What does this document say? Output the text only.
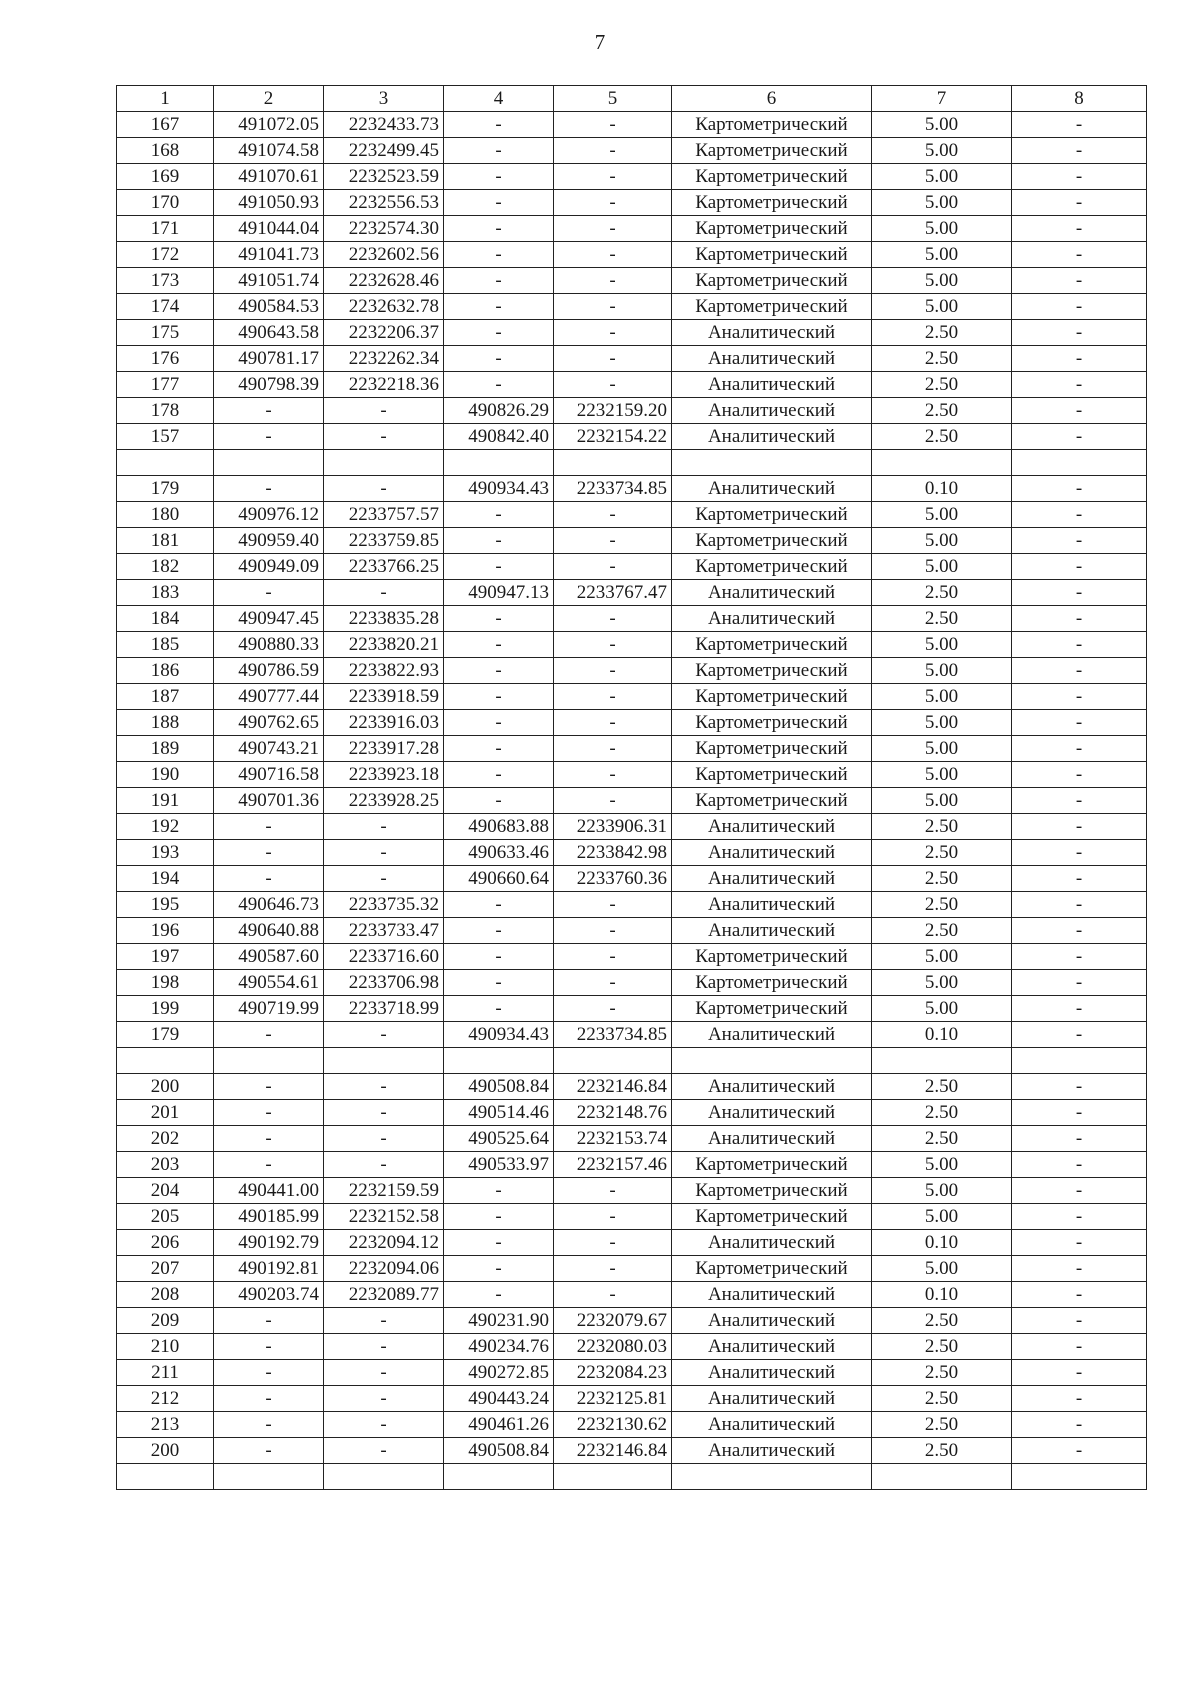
7
1	2	3	4	5	6	7	8
167	491072.05	2232433.73	-	-	Картометрический	5.00	-
168	491074.58	2232499.45	-	-	Картометрический	5.00	-
169	491070.61	2232523.59	-	-	Картометрический	5.00	-
170	491050.93	2232556.53	-	-	Картометрический	5.00	-
171	491044.04	2232574.30	-	-	Картометрический	5.00	-
172	491041.73	2232602.56	-	-	Картометрический	5.00	-
173	491051.74	2232628.46	-	-	Картометрический	5.00	-
174	490584.53	2232632.78	-	-	Картометрический	5.00	-
175	490643.58	2232206.37	-	-	Аналитический	2.50	-
176	490781.17	2232262.34	-	-	Аналитический	2.50	-
177	490798.39	2232218.36	-	-	Аналитический	2.50	-
178	-	-	490826.29	2232159.20	Аналитический	2.50	-
157	-	-	490842.40	2232154.22	Аналитический	2.50	-

179	-	-	490934.43	2233734.85	Аналитический	0.10	-
180	490976.12	2233757.57	-	-	Картометрический	5.00	-
181	490959.40	2233759.85	-	-	Картометрический	5.00	-
182	490949.09	2233766.25	-	-	Картометрический	5.00	-
183	-	-	490947.13	2233767.47	Аналитический	2.50	-
184	490947.45	2233835.28	-	-	Аналитический	2.50	-
185	490880.33	2233820.21	-	-	Картометрический	5.00	-
186	490786.59	2233822.93	-	-	Картометрический	5.00	-
187	490777.44	2233918.59	-	-	Картометрический	5.00	-
188	490762.65	2233916.03	-	-	Картометрический	5.00	-
189	490743.21	2233917.28	-	-	Картометрический	5.00	-
190	490716.58	2233923.18	-	-	Картометрический	5.00	-
191	490701.36	2233928.25	-	-	Картометрический	5.00	-
192	-	-	490683.88	2233906.31	Аналитический	2.50	-
193	-	-	490633.46	2233842.98	Аналитический	2.50	-
194	-	-	490660.64	2233760.36	Аналитический	2.50	-
195	490646.73	2233735.32	-	-	Аналитический	2.50	-
196	490640.88	2233733.47	-	-	Аналитический	2.50	-
197	490587.60	2233716.60	-	-	Картометрический	5.00	-
198	490554.61	2233706.98	-	-	Картометрический	5.00	-
199	490719.99	2233718.99	-	-	Картометрический	5.00	-
179	-	-	490934.43	2233734.85	Аналитический	0.10	-

200	-	-	490508.84	2232146.84	Аналитический	2.50	-
201	-	-	490514.46	2232148.76	Аналитический	2.50	-
202	-	-	490525.64	2232153.74	Аналитический	2.50	-
203	-	-	490533.97	2232157.46	Картометрический	5.00	-
204	490441.00	2232159.59	-	-	Картометрический	5.00	-
205	490185.99	2232152.58	-	-	Картометрический	5.00	-
206	490192.79	2232094.12	-	-	Аналитический	0.10	-
207	490192.81	2232094.06	-	-	Картометрический	5.00	-
208	490203.74	2232089.77	-	-	Аналитический	0.10	-
209	-	-	490231.90	2232079.67	Аналитический	2.50	-
210	-	-	490234.76	2232080.03	Аналитический	2.50	-
211	-	-	490272.85	2232084.23	Аналитический	2.50	-
212	-	-	490443.24	2232125.81	Аналитический	2.50	-
213	-	-	490461.26	2232130.62	Аналитический	2.50	-
200	-	-	490508.84	2232146.84	Аналитический	2.50	-
